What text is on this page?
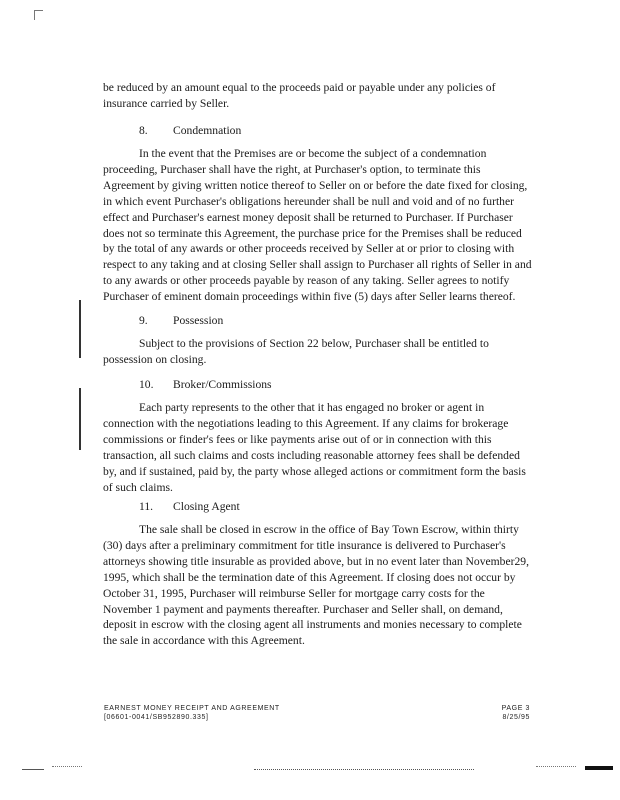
be reduced by an amount equal to the proceeds paid or payable under any policies of insurance carried by Seller.

8. Condemnation

In the event that the Premises are or become the subject of a condemnation proceeding, Purchaser shall have the right, at Purchaser's option, to terminate this Agreement by giving written notice thereof to Seller on or before the date fixed for closing, in which event Purchaser's obligations hereunder shall be null and void and of no further effect and Purchaser's earnest money deposit shall be returned to Purchaser. If Purchaser does not so terminate this Agreement, the purchase price for the Premises shall be reduced by the total of any awards or other proceeds received by Seller at or prior to closing with respect to any taking and at closing Seller shall assign to Purchaser all rights of Seller in and to any awards or other proceeds payable by reason of any taking. Seller agrees to notify Purchaser of eminent domain proceedings within five (5) days after Seller learns thereof.

9. Possession

Subject to the provisions of Section 22 below, Purchaser shall be entitled to possession on closing.

10. Broker/Commissions

Each party represents to the other that it has engaged no broker or agent in connection with the negotiations leading to this Agreement. If any claims for brokerage commissions or finder's fees or like payments arise out of or in connection with this transaction, all such claims and costs including reasonable attorney fees shall be defended by, and if sustained, paid by, the party whose alleged actions or commitment form the basis of such claims.

11. Closing Agent

The sale shall be closed in escrow in the office of Bay Town Escrow, within thirty (30) days after a preliminary commitment for title insurance is delivered to Purchaser's attorneys showing title insurable as provided above, but in no event later than November29, 1995, which shall be the termination date of this Agreement. If closing does not occur by October 31, 1995, Purchaser will reimburse Seller for mortgage carry costs for the November 1 payment and payments thereafter. Purchaser and Seller shall, on demand, deposit in escrow with the closing agent all instruments and monies necessary to complete the sale in accordance with this Agreement.

EARNEST MONEY RECEIPT AND AGREEMENT
[06601-0041/SB952890.335]
PAGE 3
8/25/95
